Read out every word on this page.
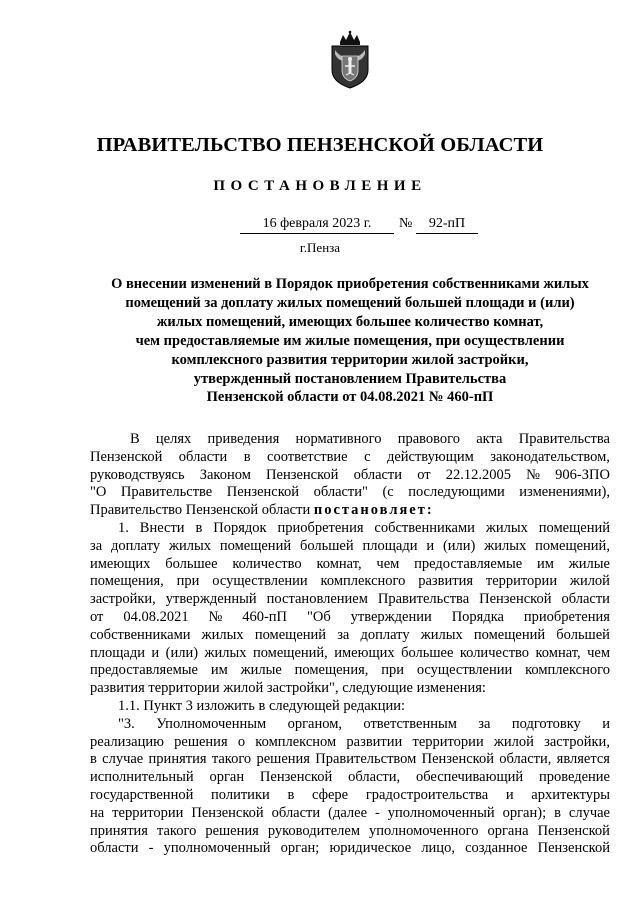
ПРАВИТЕЛЬСТВО ПЕНЗЕНСКОЙ ОБЛАСТИ
ПОСТАНОВЛЕНИЕ
16 февраля 2023 г.	№	92-пП
г.Пенза
О внесении изменений в Порядок приобретения собственниками жилых
помещений за доплату жилых помещений большей площади и (или)
жилых помещений, имеющих большее количество комнат,
чем предоставляемые им жилые помещения, при осуществлении
комплексного развития территории жилой застройки,
утвержденный постановлением Правительства
Пензенской области от 04.08.2021 № 460-пП
В целях приведения нормативного правового акта Правительства
Пензенской области в соответствие с действующим законодательством,
руководствуясь Законом Пензенской области от 22.12.2005 № 906-ЗПО
"О Правительстве Пензенской области" (с последующими изменениями),
Правительство Пензенской области
постановляет:
1. Внести в Порядок приобретения собственниками жилых помещений
за доплату жилых помещений большей площади и (или) жилых помещений,
имеющих большее количество комнат, чем предоставляемые им жилые
помещения, при осуществлении комплексного развития территории жилой
застройки, утвержденный постановлением Правительства Пензенской области
от 04.08.2021 № 460-пП "Об утверждении Порядка приобретения
собственниками жилых помещений за доплату жилых помещений большей
площади и (или) жилых помещений, имеющих большее количество комнат, чем
предоставляемые им жилые помещения, при осуществлении комплексного
развития территории жилой застройки", следующие изменения:
1.1. Пункт 3 изложить в следующей редакции:
"3. Уполномоченным органом, ответственным за подготовку и
реализацию решения о комплексном развитии территории жилой застройки,
в случае принятия такого решения Правительством Пензенской области, является
исполнительный орган Пензенской области, обеспечивающий проведение
государственной политики в сфере градостроительства и архитектуры
на территории Пензенской области (далее - уполномоченный орган); в случае
принятия такого решения руководителем уполномоченного органа Пензенской
области - уполномоченный орган; юридическое лицо, созданное Пензенской
